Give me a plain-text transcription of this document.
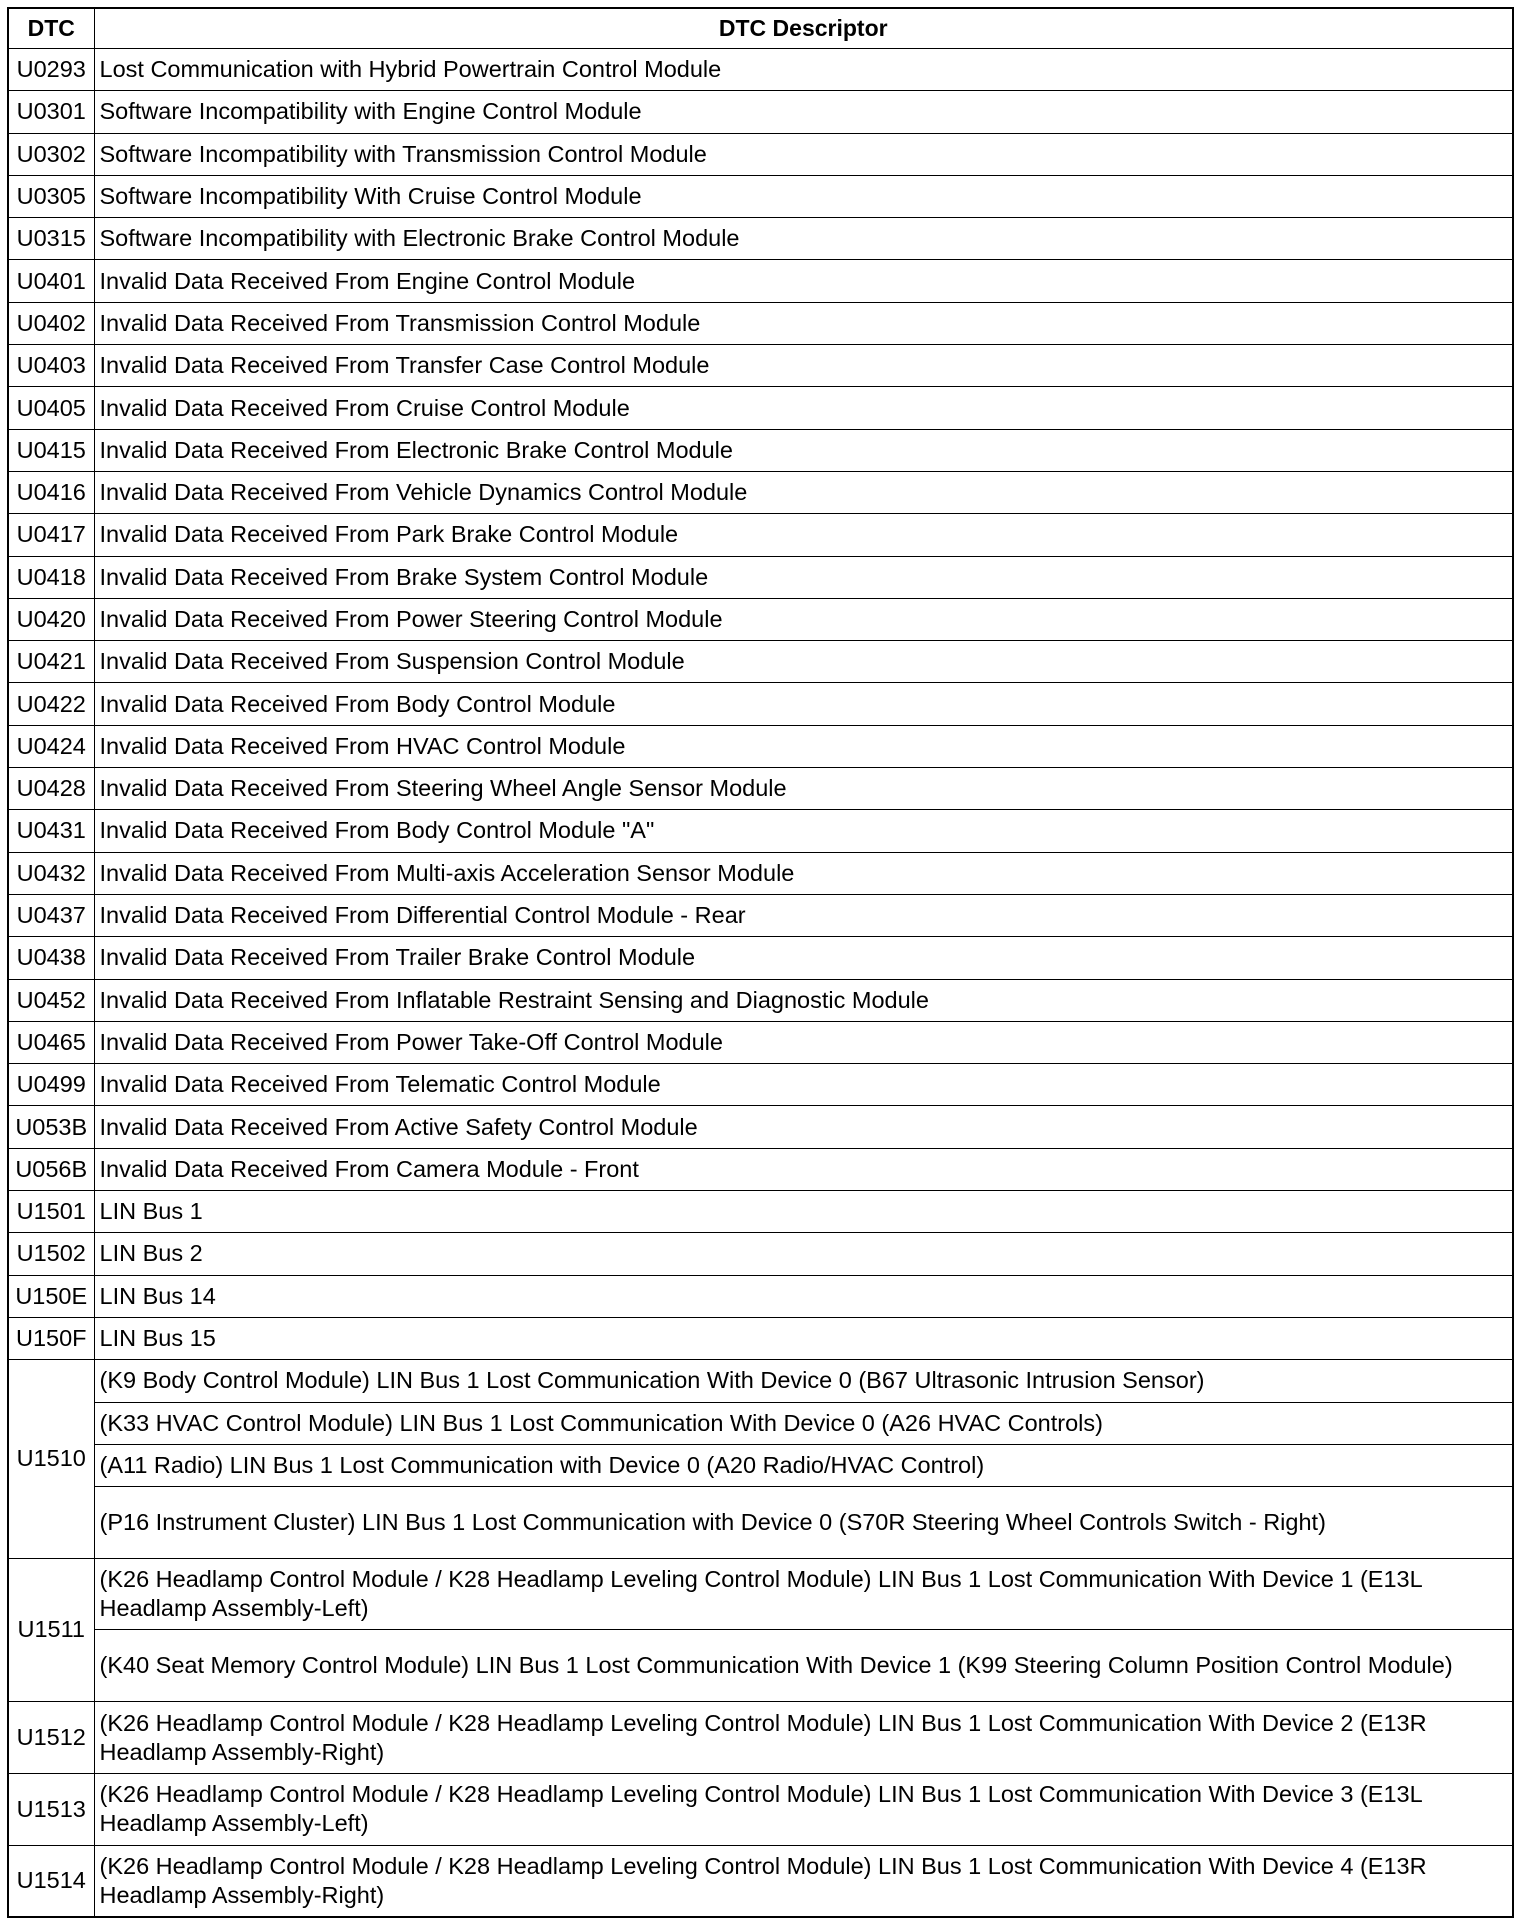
DTC	DTC Descriptor
U0293	Lost Communication with Hybrid Powertrain Control Module
U0301	Software Incompatibility with Engine Control Module
U0302	Software Incompatibility with Transmission Control Module
U0305	Software Incompatibility With Cruise Control Module
U0315	Software Incompatibility with Electronic Brake Control Module
U0401	Invalid Data Received From Engine Control Module
U0402	Invalid Data Received From Transmission Control Module
U0403	Invalid Data Received From Transfer Case Control Module
U0405	Invalid Data Received From Cruise Control Module
U0415	Invalid Data Received From Electronic Brake Control Module
U0416	Invalid Data Received From Vehicle Dynamics Control Module
U0417	Invalid Data Received From Park Brake Control Module
U0418	Invalid Data Received From Brake System Control Module
U0420	Invalid Data Received From Power Steering Control Module
U0421	Invalid Data Received From Suspension Control Module
U0422	Invalid Data Received From Body Control Module
U0424	Invalid Data Received From HVAC Control Module
U0428	Invalid Data Received From Steering Wheel Angle Sensor Module
U0431	Invalid Data Received From Body Control Module "A"
U0432	Invalid Data Received From Multi-axis Acceleration Sensor Module
U0437	Invalid Data Received From Differential Control Module - Rear
U0438	Invalid Data Received From Trailer Brake Control Module
U0452	Invalid Data Received From Inflatable Restraint Sensing and Diagnostic Module
U0465	Invalid Data Received From Power Take-Off Control Module
U0499	Invalid Data Received From Telematic Control Module
U053B	Invalid Data Received From Active Safety Control Module
U056B	Invalid Data Received From Camera Module - Front
U1501	LIN Bus 1
U1502	LIN Bus 2
U150E	LIN Bus 14
U150F	LIN Bus 15
U1510	(K9 Body Control Module) LIN Bus 1 Lost Communication With Device 0 (B67 Ultrasonic Intrusion Sensor)
	(K33 HVAC Control Module) LIN Bus 1 Lost Communication With Device 0 (A26 HVAC Controls)
	(A11 Radio) LIN Bus 1 Lost Communication with Device 0 (A20 Radio/HVAC Control)
	(P16 Instrument Cluster) LIN Bus 1 Lost Communication with Device 0 (S70R Steering Wheel Controls Switch - Right)
U1511	(K26 Headlamp Control Module / K28 Headlamp Leveling Control Module) LIN Bus 1 Lost Communication With Device 1 (E13L Headlamp Assembly-Left)
	(K40 Seat Memory Control Module) LIN Bus 1 Lost Communication With Device 1 (K99 Steering Column Position Control Module)
U1512	(K26 Headlamp Control Module / K28 Headlamp Leveling Control Module) LIN Bus 1 Lost Communication With Device 2 (E13R Headlamp Assembly-Right)
U1513	(K26 Headlamp Control Module / K28 Headlamp Leveling Control Module) LIN Bus 1 Lost Communication With Device 3 (E13L Headlamp Assembly-Left)
U1514	(K26 Headlamp Control Module / K28 Headlamp Leveling Control Module) LIN Bus 1 Lost Communication With Device 4 (E13R Headlamp Assembly-Right)
